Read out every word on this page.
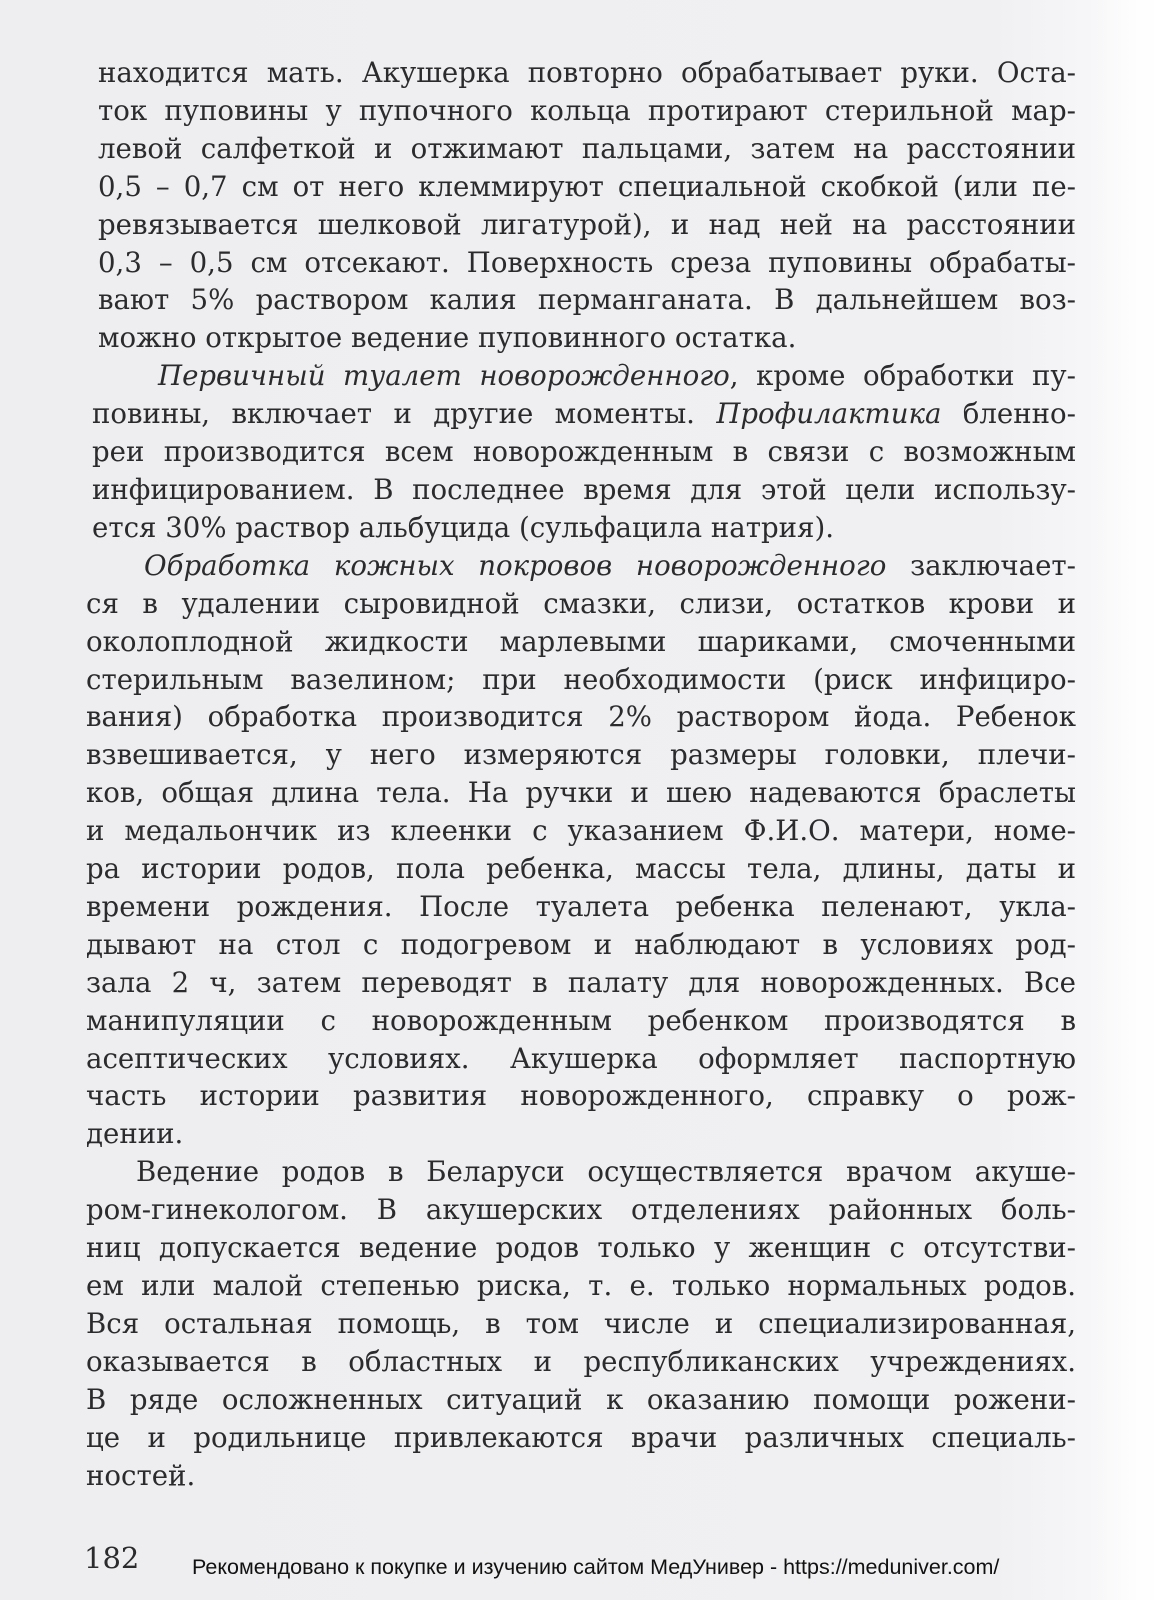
находится мать. Акушерка повторно обрабатывает руки. Оста-
ток пуповины у пупочного кольца протирают стерильной мар-
левой салфеткой и отжимают пальцами, затем на расстоянии
0,5 – 0,7 см от него клеммируют специальной скобкой (или пе-
ревязывается шелковой лигатурой), и над ней на расстоянии
0,3 – 0,5 см отсекают. Поверхность среза пуповины обрабаты-
вают 5% раствором калия перманганата. В дальнейшем воз-
можно открытое ведение пуповинного остатка.
Первичный туалет новорожденного, кроме обработки пу-
повины, включает и другие моменты. Профилактика бленно-
реи производится всем новорожденным в связи с возможным
инфицированием. В последнее время для этой цели использу-
ется 30% раствор альбуцида (сульфацила натрия).
Обработка кожных покровов новорожденного заключает-
ся в удалении сыровидной смазки, слизи, остатков крови и
околоплодной жидкости марлевыми шариками, смоченными
стерильным вазелином; при необходимости (риск инфициро-
вания) обработка производится 2% раствором йода. Ребенок
взвешивается, у него измеряются размеры головки, плечи-
ков, общая длина тела. На ручки и шею надеваются браслеты
и медальончик из клеенки с указанием Ф.И.О. матери, номе-
ра истории родов, пола ребенка, массы тела, длины, даты и
времени рождения. После туалета ребенка пеленают, укла-
дывают на стол с подогревом и наблюдают в условиях род-
зала 2 ч, затем переводят в палату для новорожденных. Все
манипуляции с новорожденным ребенком производятся в
асептических условиях. Акушерка оформляет паспортную
часть истории развития новорожденного, справку о рож-
дении.
Ведение родов в Беларуси осуществляется врачом акуше-
ром-гинекологом. В акушерских отделениях районных боль-
ниц допускается ведение родов только у женщин с отсутстви-
ем или малой степенью риска, т. е. только нормальных родов.
Вся остальная помощь, в том числе и специализированная,
оказывается в областных и республиканских учреждениях.
В ряде осложненных ситуаций к оказанию помощи рожени-
це и родильнице привлекаются врачи различных специаль-
ностей.
182 Рекомендовано к покупке и изучению сайтом МедУнивер - https://meduniver.com/
